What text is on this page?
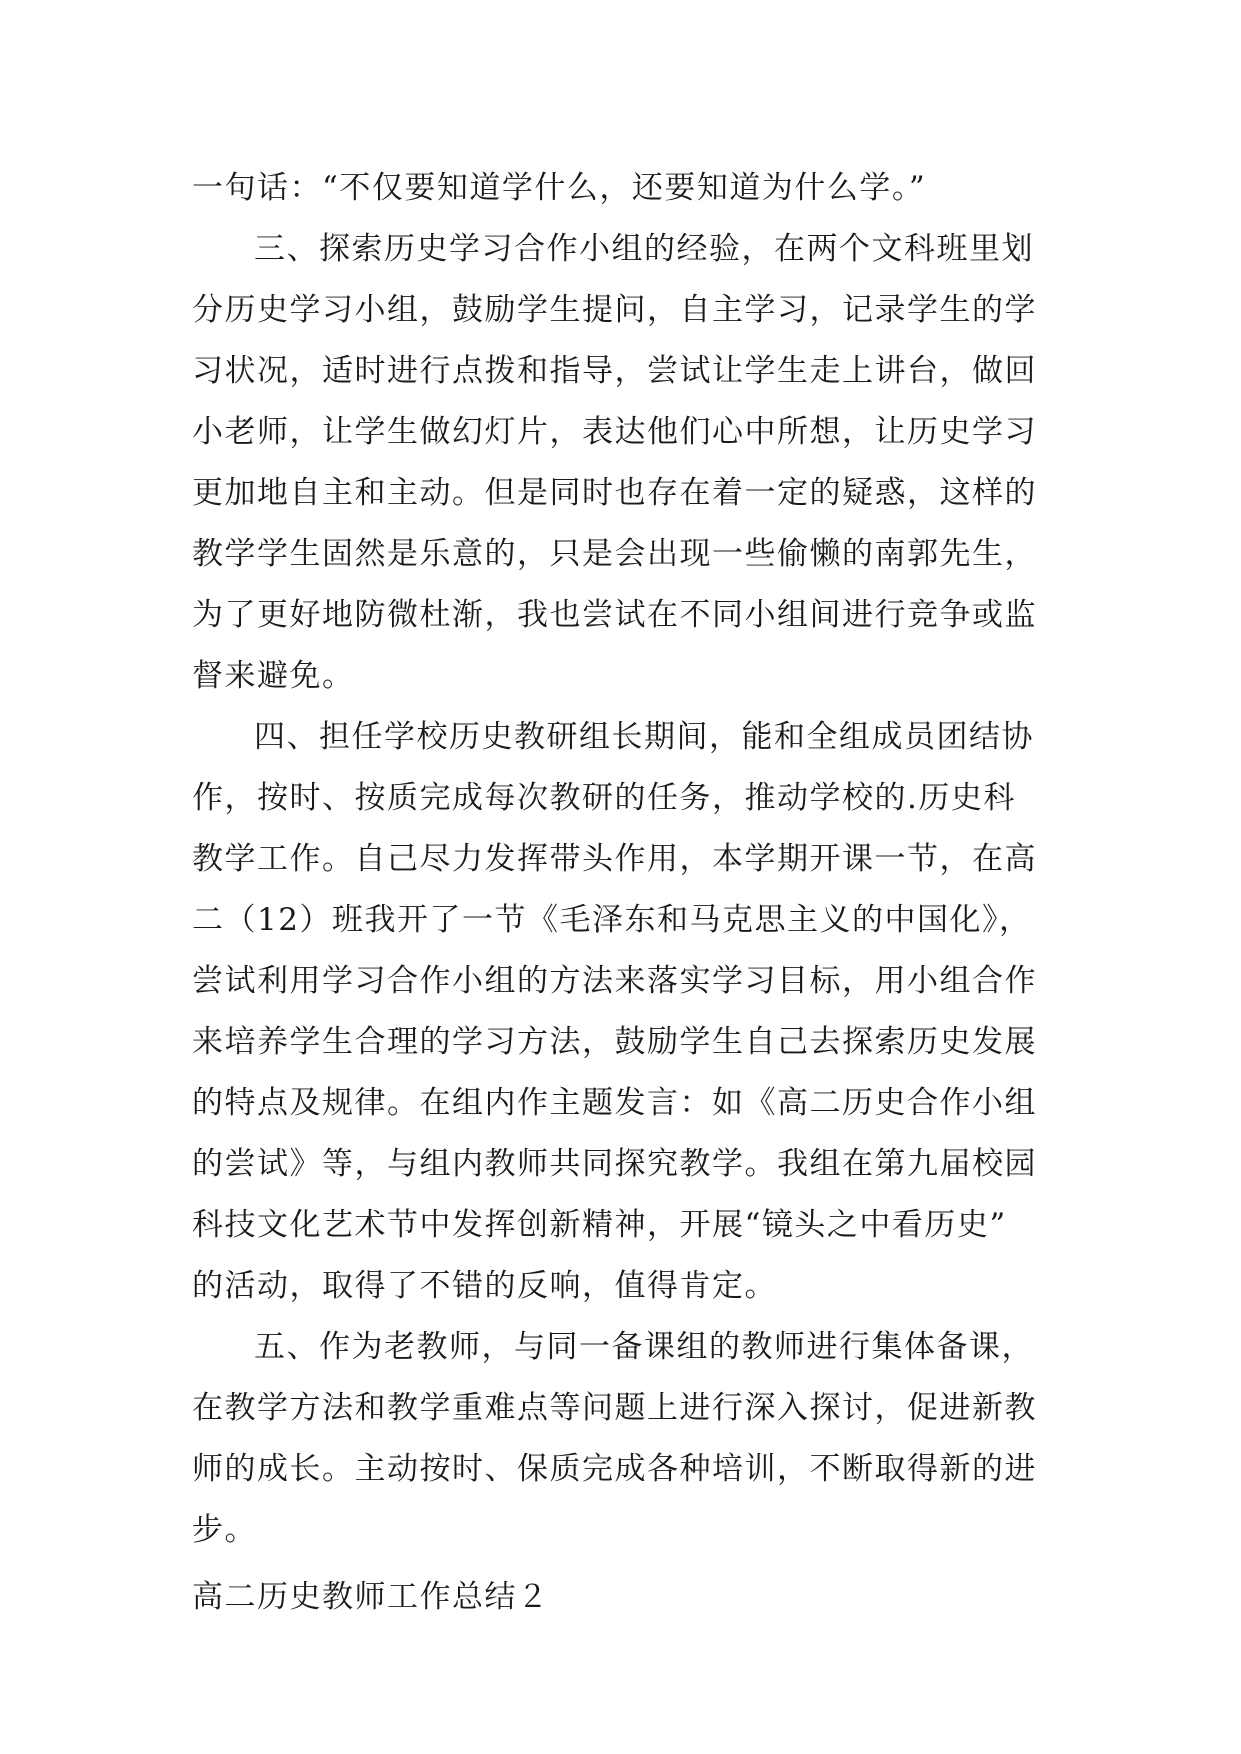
一句话：“不仅要知道学什么，还要知道为什么学。”
三、探索历史学习合作小组的经验，在两个文科班里划
分历史学习小组，鼓励学生提问，自主学习，记录学生的学
习状况，适时进行点拨和指导，尝试让学生走上讲台，做回
小老师，让学生做幻灯片，表达他们心中所想，让历史学习
更加地自主和主动。但是同时也存在着一定的疑惑，这样的
教学学生固然是乐意的，只是会出现一些偷懒的南郭先生，
为了更好地防微杜渐，我也尝试在不同小组间进行竞争或监
督来避免。
四、担任学校历史教研组长期间，能和全组成员团结协
作，按时、按质完成每次教研的任务，推动学校的.历史科
教学工作。自己尽力发挥带头作用，本学期开课一节，在高
二（12）班我开了一节《毛泽东和马克思主义的中国化》，
尝试利用学习合作小组的方法来落实学习目标，用小组合作
来培养学生合理的学习方法，鼓励学生自己去探索历史发展
的特点及规律。在组内作主题发言：如《高二历史合作小组
的尝试》等，与组内教师共同探究教学。我组在第九届校园
科技文化艺术节中发挥创新精神，开展“镜头之中看历史”
的活动，取得了不错的反响，值得肯定。
五、作为老教师，与同一备课组的教师进行集体备课，
在教学方法和教学重难点等问题上进行深入探讨，促进新教
师的成长。主动按时、保质完成各种培训，不断取得新的进
步。
高二历史教师工作总结２
